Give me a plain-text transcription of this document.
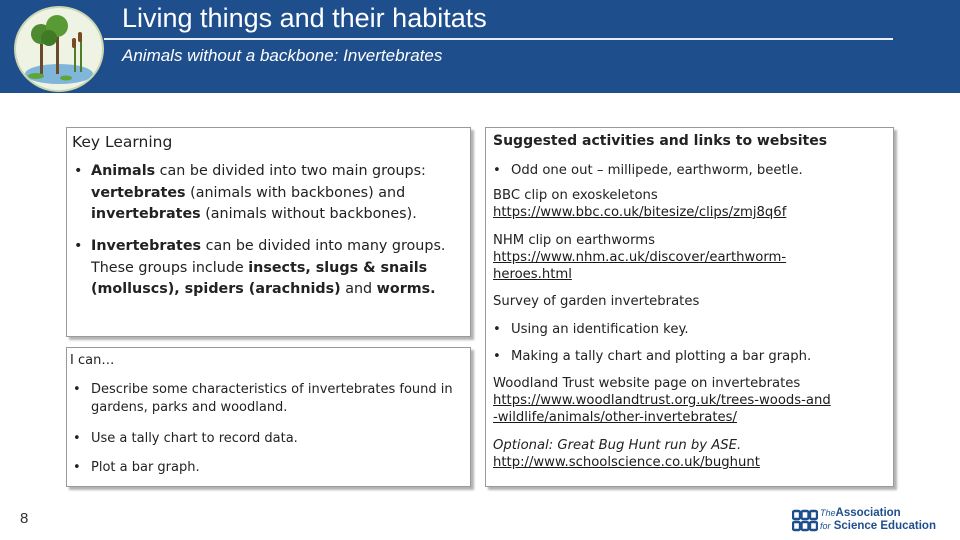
Living things and their habitats
Animals without a backbone: Invertebrates
Key Learning
• Animals can be divided into two main groups: vertebrates (animals with backbones) and invertebrates (animals without backbones).
• Invertebrates can be divided into many groups. These groups include insects, slugs & snails (molluscs), spiders (arachnids) and worms.
I can…
• Describe some characteristics of invertebrates found in gardens, parks and woodland.
• Use a tally chart to record data.
• Plot a bar graph.
Suggested activities and links to websites
• Odd one out – millipede, earthworm, beetle.
BBC clip on exoskeletons
https://www.bbc.co.uk/bitesize/clips/zmj8q6f
NHM clip on earthworms
https://www.nhm.ac.uk/discover/earthworm-
heroes.html
Survey of garden invertebrates
• Using an identification key.
• Making a tally chart and plotting a bar graph.
Woodland Trust website page on invertebrates
https://www.woodlandtrust.org.uk/trees-woods-and
-wildlife/animals/other-invertebrates/
Optional: Great Bug Hunt run by ASE.
http://www.schoolscience.co.uk/bughunt
8	TheAssociation
for Science Education
